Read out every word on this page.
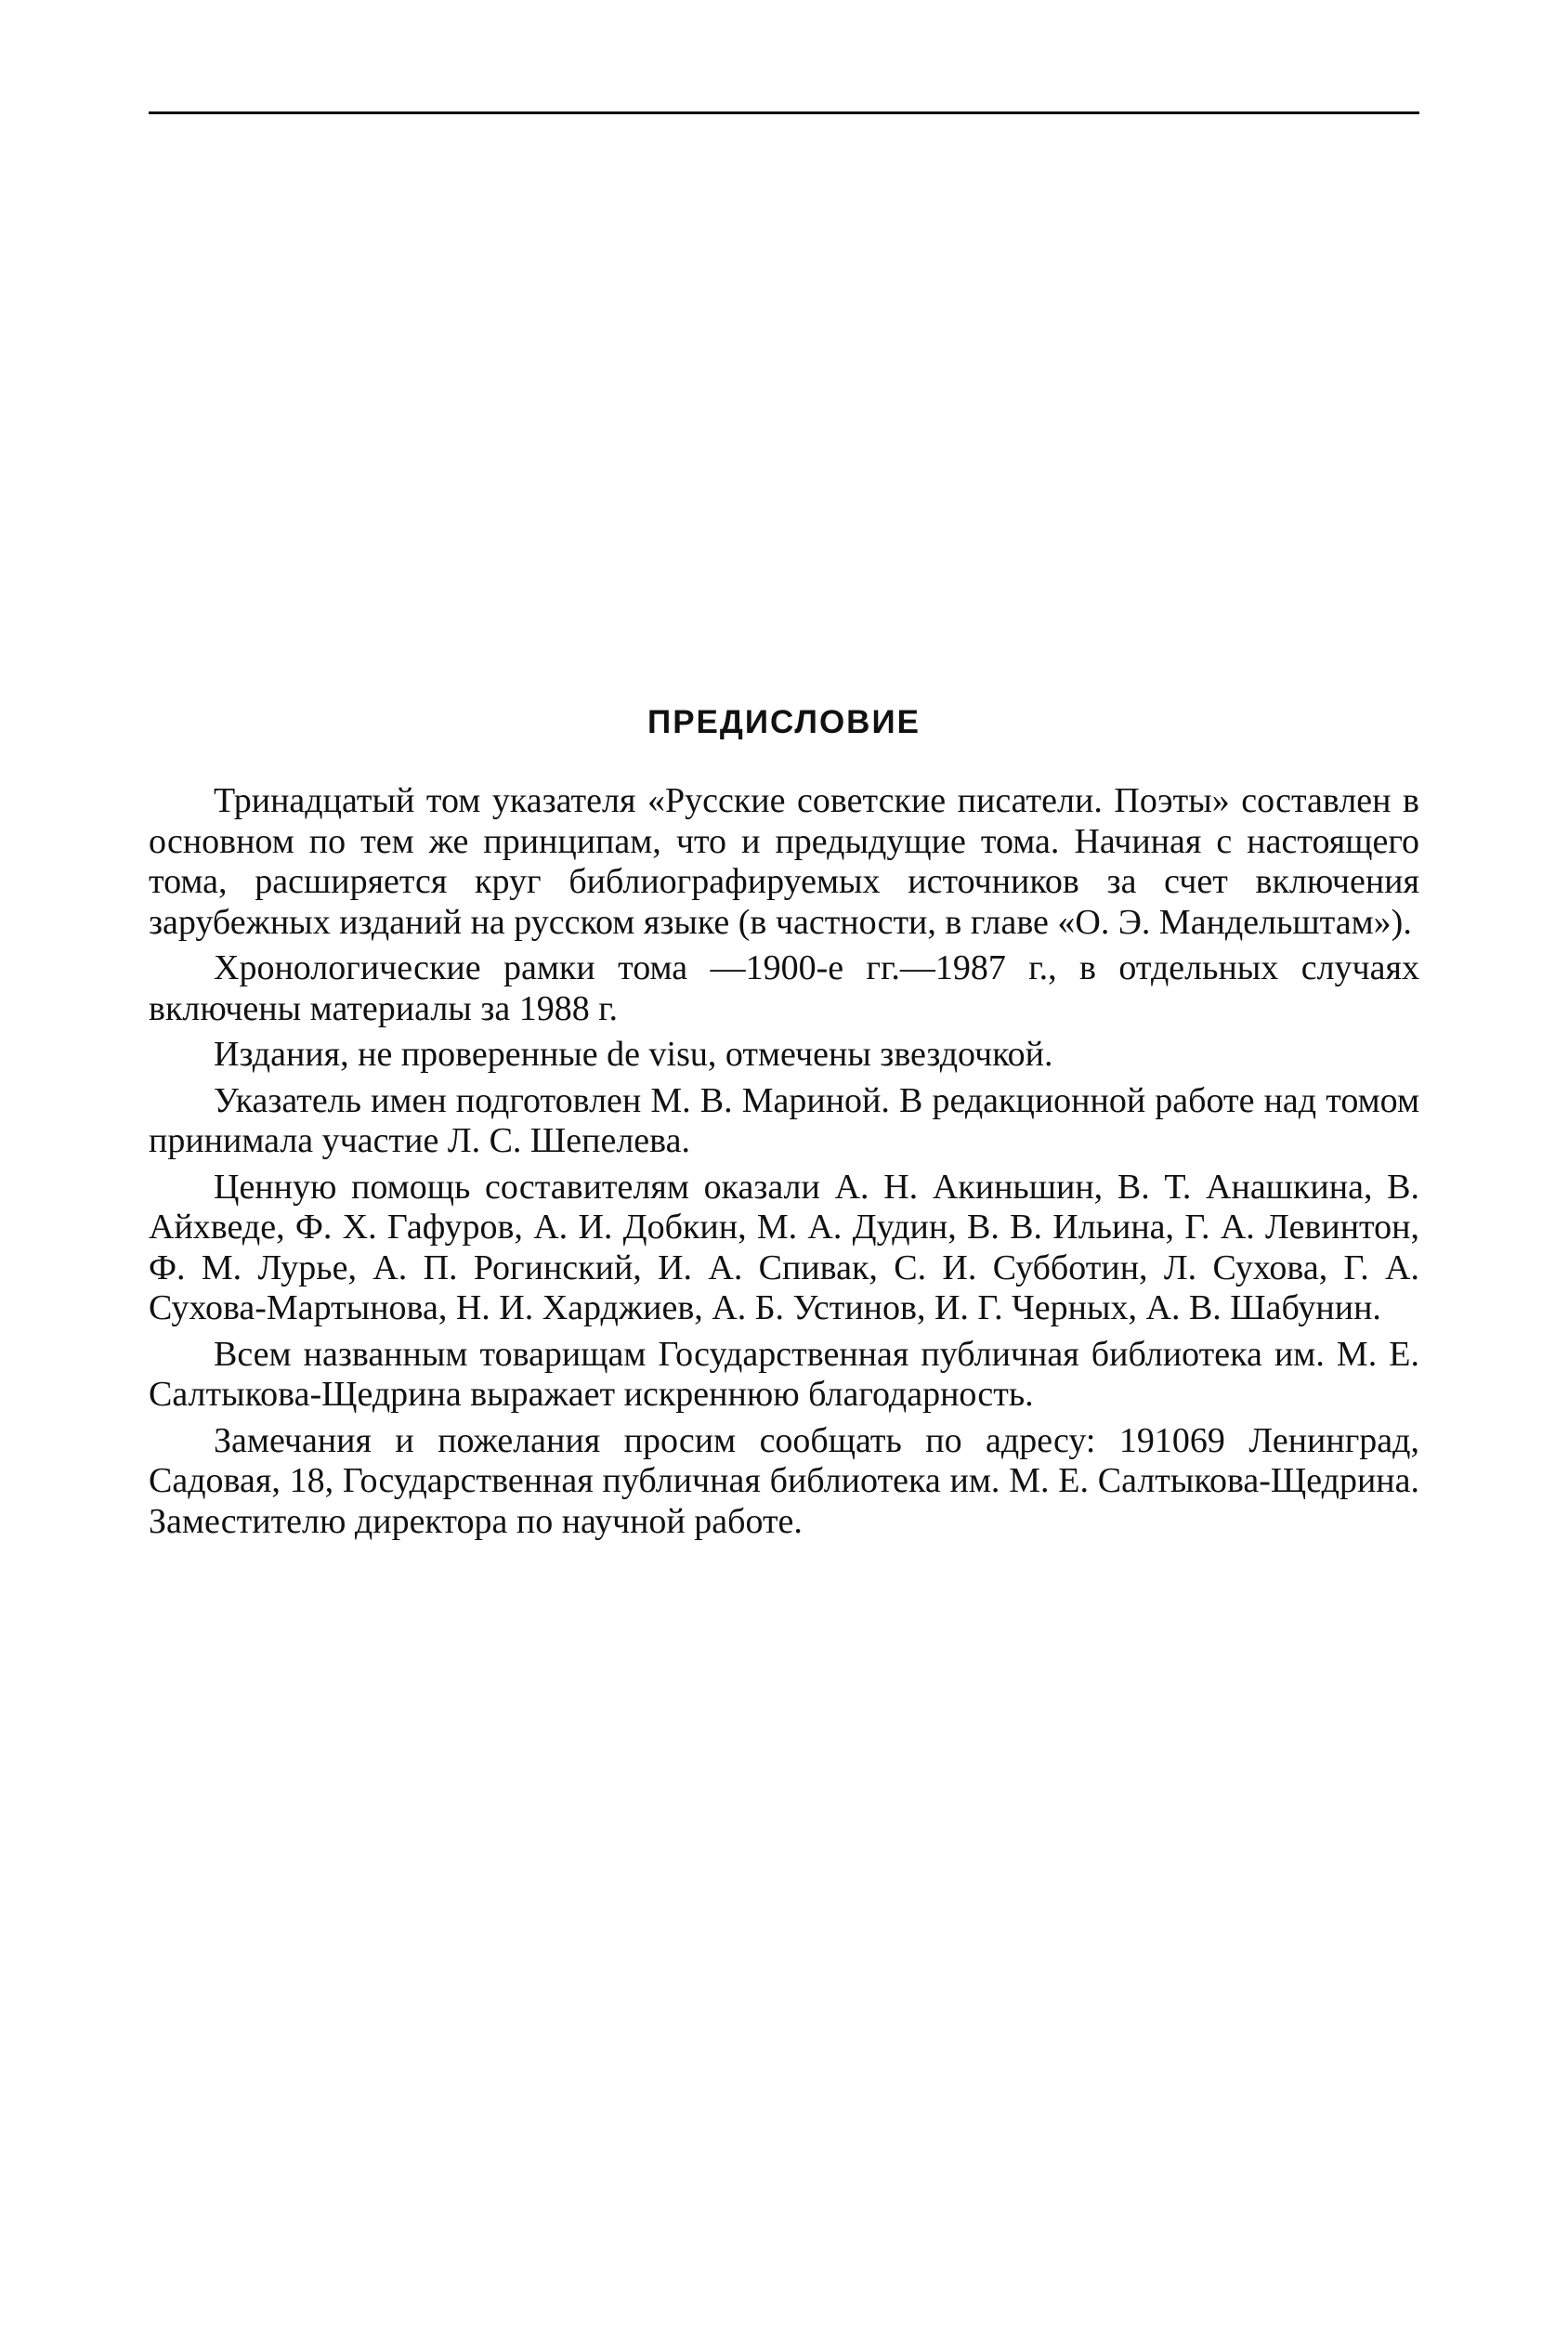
ПРЕДИСЛОВИЕ

Тринадцатый том указателя «Русские советские писатели. Поэты» составлен в основном по тем же принципам, что и предыдущие тома. Начиная с настоящего тома, расширяется круг библиографируемых источников за счет включения зарубежных изданий на русском языке (в частности, в главе «О. Э. Мандельштам»).

Хронологические рамки тома —1900-е гг.—1987 г., в отдельных случаях включены материалы за 1988 г.

Издания, не проверенные de visu, отмечены звездочкой.

Указатель имен подготовлен М. В. Мариной. В редакционной работе над томом принимала участие Л. С. Шепелева.

Ценную помощь составителям оказали А. Н. Акиньшин, В. Т. Анашкина, В. Айхведе, Ф. Х. Гафуров, А. И. Добкин, М. А. Дудин, В. В. Ильина, Г. А. Левинтон, Ф. М. Лурье, А. П. Рогинский, И. А. Спивак, С. И. Субботин, Л. Сухова, Г. А. Сухова-Мартынова, Н. И. Харджиев, А. Б. Устинов, И. Г. Черных, А. В. Шабунин.

Всем названным товарищам Государственная публичная библиотека им. М. Е. Салтыкова-Щедрина выражает искреннюю благодарность.

Замечания и пожелания просим сообщать по адресу: 191069 Ленинград, Садовая, 18, Государственная публичная библиотека им. М. Е. Салтыкова-Щедрина. Заместителю директора по научной работе.
